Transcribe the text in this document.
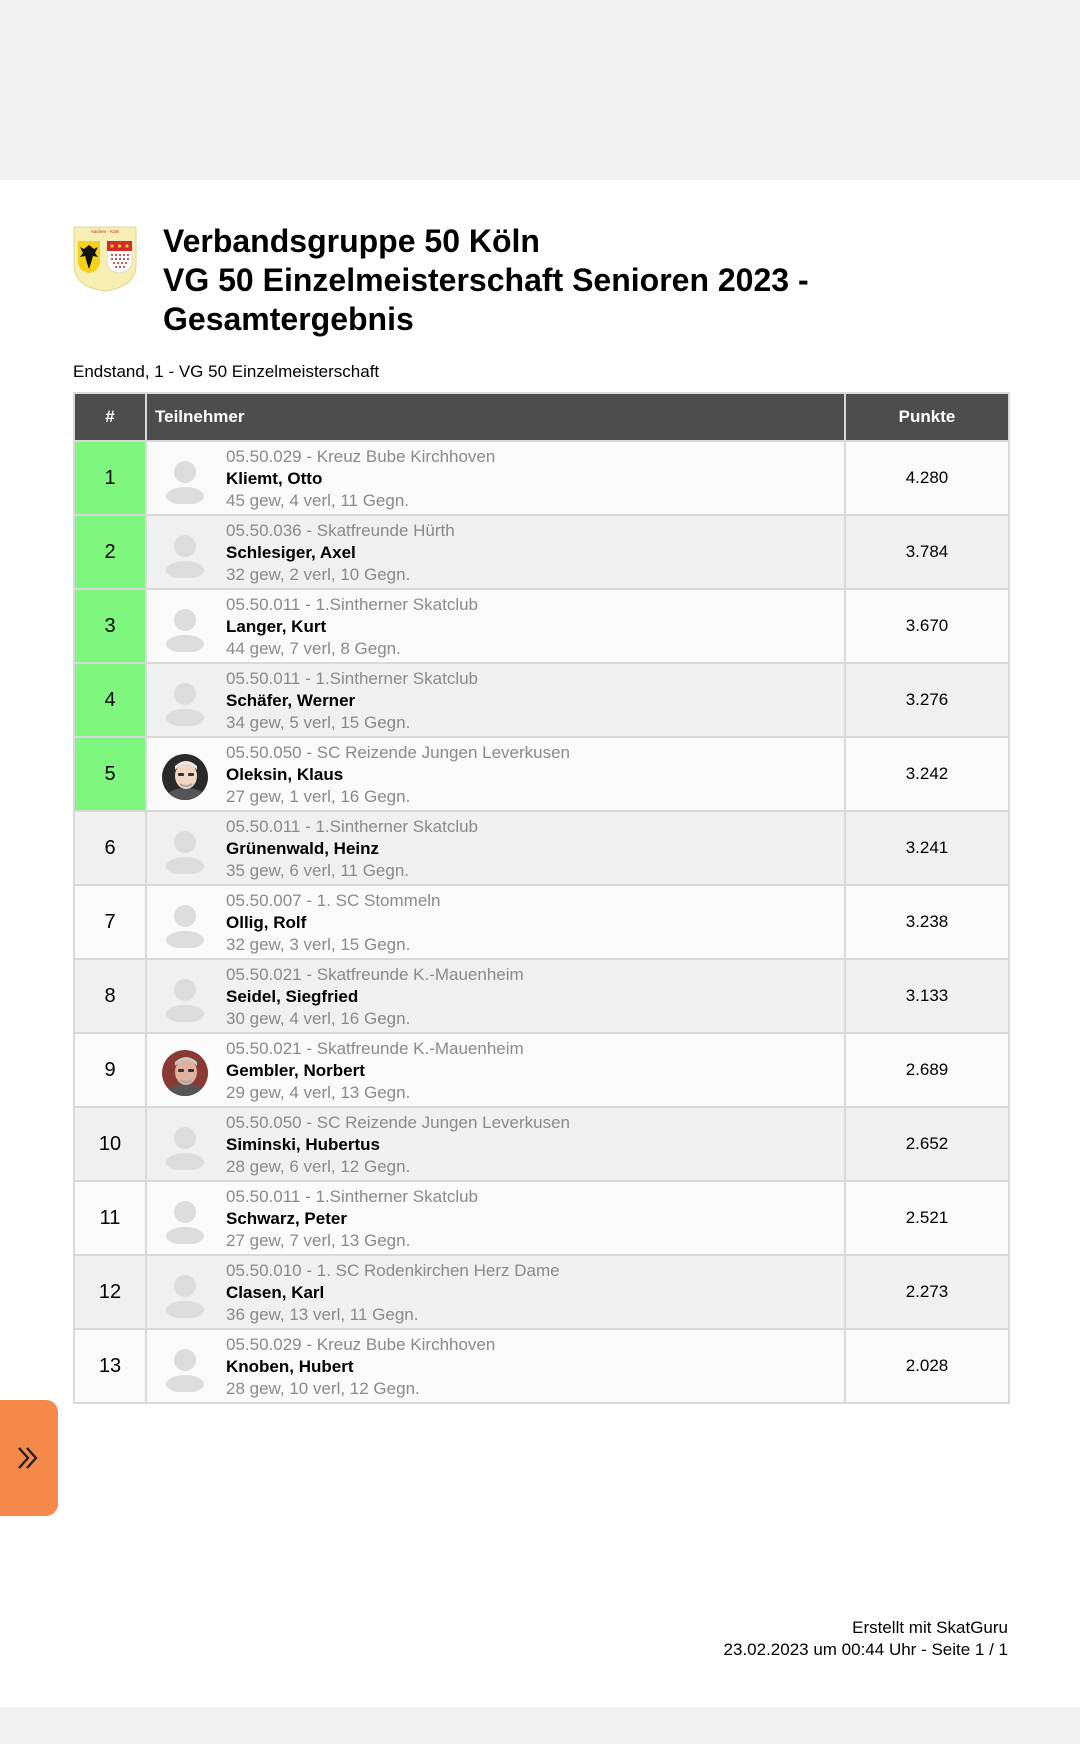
Aachen - Köln Verbandsgruppe 50 Köln
VG 50 Einzelmeisterschaft Senioren 2023 -
Gesamtergebnis
Endstand, 1 - VG 50 Einzelmeisterschaft
#	Teilnehmer	Punkte
1	05.50.029 - Kreuz Bube Kirchhoven
Kliemt, Otto
45 gew, 4 verl, 11 Gegn.	4.280
2	05.50.036 - Skatfreunde Hürth
Schlesiger, Axel
32 gew, 2 verl, 10 Gegn.	3.784
3	05.50.011 - 1.Sintherner Skatclub
Langer, Kurt
44 gew, 7 verl, 8 Gegn.	3.670
4	05.50.011 - 1.Sintherner Skatclub
Schäfer, Werner
34 gew, 5 verl, 15 Gegn.	3.276
5	05.50.050 - SC Reizende Jungen Leverkusen
Oleksin, Klaus
27 gew, 1 verl, 16 Gegn.	3.242
6	05.50.011 - 1.Sintherner Skatclub
Grünenwald, Heinz
35 gew, 6 verl, 11 Gegn.	3.241
7	05.50.007 - 1. SC Stommeln
Ollig, Rolf
32 gew, 3 verl, 15 Gegn.	3.238
8	05.50.021 - Skatfreunde K.-Mauenheim
Seidel, Siegfried
30 gew, 4 verl, 16 Gegn.	3.133
9	05.50.021 - Skatfreunde K.-Mauenheim
Gembler, Norbert
29 gew, 4 verl, 13 Gegn.	2.689
10	05.50.050 - SC Reizende Jungen Leverkusen
Siminski, Hubertus
28 gew, 6 verl, 12 Gegn.	2.652
11	05.50.011 - 1.Sintherner Skatclub
Schwarz, Peter
27 gew, 7 verl, 13 Gegn.	2.521
12	05.50.010 - 1. SC Rodenkirchen Herz Dame
Clasen, Karl
36 gew, 13 verl, 11 Gegn.	2.273
13	05.50.029 - Kreuz Bube Kirchhoven
Knoben, Hubert
28 gew, 10 verl, 12 Gegn.	2.028
Erstellt mit SkatGuru
23.02.2023 um 00:44 Uhr - Seite 1 / 1
